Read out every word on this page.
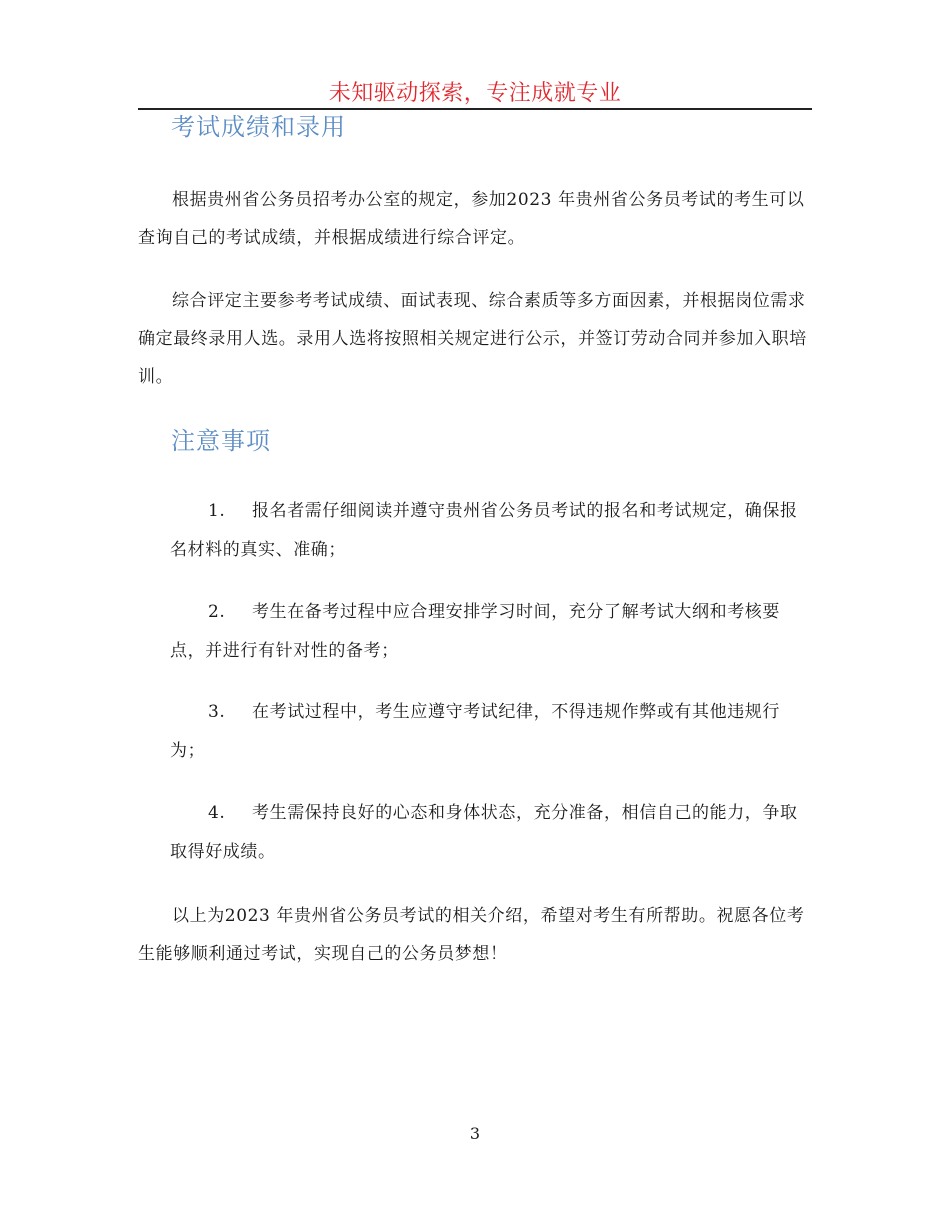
未知驱动探索，专注成就专业
考试成绩和录用

根据贵州省公务员招考办公室的规定，参加2023 年贵州省公务员考试的考生可以查询自己的考试成绩，并根据成绩进行综合评定。

综合评定主要参考考试成绩、面试表现、综合素质等多方面因素，并根据岗位需求确定最终录用人选。录用人选将按照相关规定进行公示，并签订劳动合同并参加入职培训。

注意事项

1. 报名者需仔细阅读并遵守贵州省公务员考试的报名和考试规定，确保报名材料的真实、准确；

2. 考生在备考过程中应合理安排学习时间，充分了解考试大纲和考核要点，并进行有针对性的备考；

3. 在考试过程中，考生应遵守考试纪律，不得违规作弊或有其他违规行为；

4. 考生需保持良好的心态和身体状态，充分准备，相信自己的能力，争取取得好成绩。

以上为2023 年贵州省公务员考试的相关介绍，希望对考生有所帮助。祝愿各位考生能够顺利通过考试，实现自己的公务员梦想！

3
